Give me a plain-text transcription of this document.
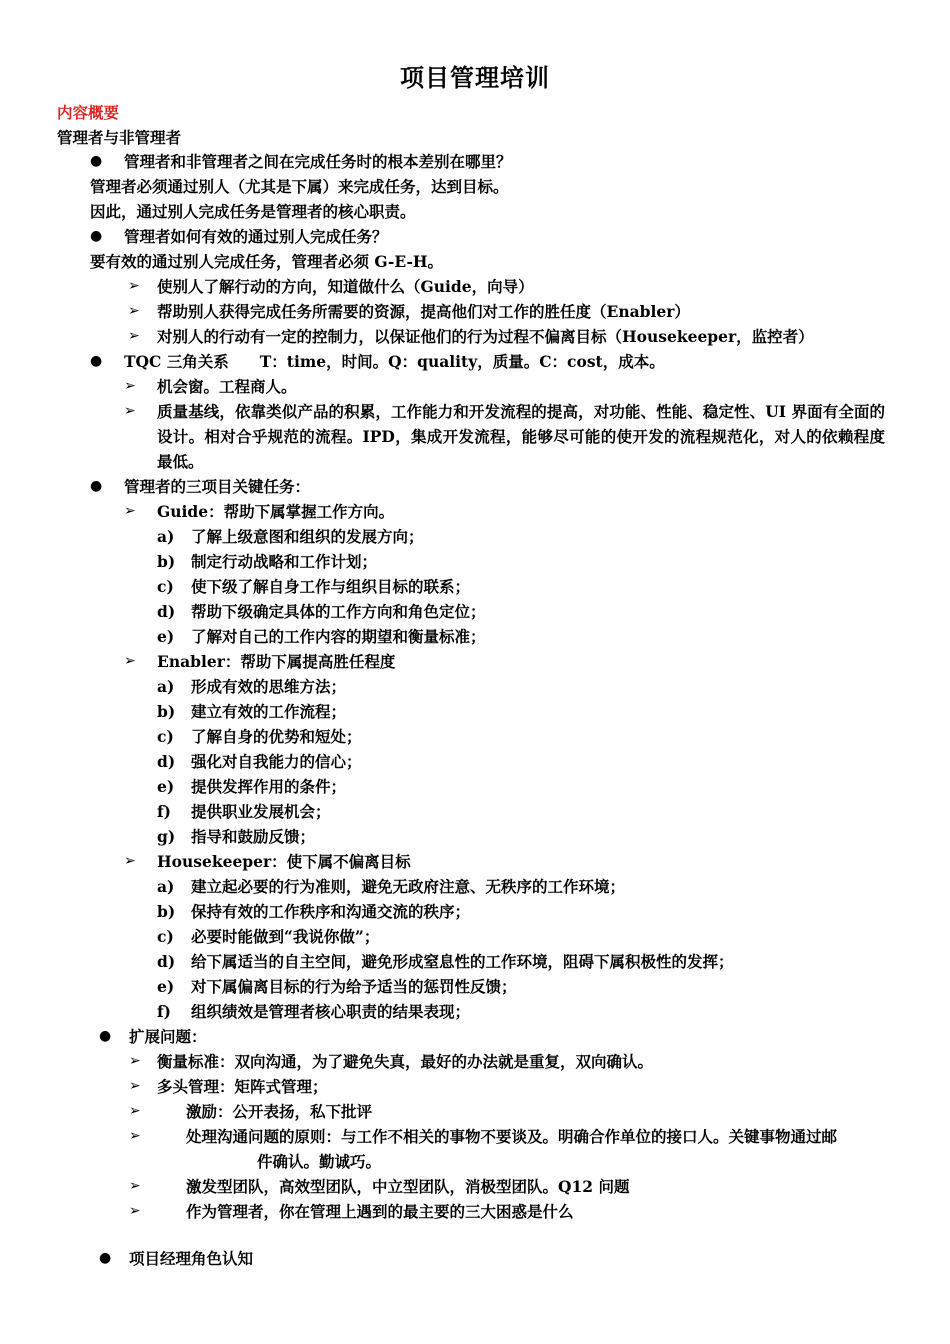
项目管理培训
内容概要
管理者与非管理者
● 管理者和非管理者之间在完成任务时的根本差别在哪里？
管理者必须通过别人（尤其是下属）来完成任务，达到目标。
因此，通过别人完成任务是管理者的核心职责。
● 管理者如何有效的通过别人完成任务？
要有效的通过别人完成任务，管理者必须 G-E-H。
➢ 使别人了解行动的方向，知道做什么（Guide，向导）
➢ 帮助别人获得完成任务所需要的资源，提高他们对工作的胜任度（Enabler）
➢ 对别人的行动有一定的控制力，以保证他们的行为过程不偏离目标（Housekeeper，监控者）
● TQC 三角关系　　T：time，时间。Q：quality，质量。C：cost，成本。
➢ 机会窗。工程商人。
➢ 质量基线，依靠类似产品的积累，工作能力和开发流程的提高，对功能、性能、稳定性、UI 界面有全面的设计。相对合乎规范的流程。IPD，集成开发流程，能够尽可能的使开发的流程规范化，对人的依赖程度最低。
● 管理者的三项目关键任务：
➢ Guide：帮助下属掌握工作方向。
a) 了解上级意图和组织的发展方向；
b) 制定行动战略和工作计划；
c) 使下级了解自身工作与组织目标的联系；
d) 帮助下级确定具体的工作方向和角色定位；
e) 了解对自己的工作内容的期望和衡量标准；
➢ Enabler：帮助下属提高胜任程度
a) 形成有效的思维方法；
b) 建立有效的工作流程；
c) 了解自身的优势和短处；
d) 强化对自我能力的信心；
e) 提供发挥作用的条件；
f) 提供职业发展机会；
g) 指导和鼓励反馈；
➢ Housekeeper：使下属不偏离目标
a) 建立起必要的行为准则，避免无政府注意、无秩序的工作环境；
b) 保持有效的工作秩序和沟通交流的秩序；
c) 必要时能做到“我说你做”；
d) 给下属适当的自主空间，避免形成窒息性的工作环境，阻碍下属积极性的发挥；
e) 对下属偏离目标的行为给予适当的惩罚性反馈；
f) 组织绩效是管理者核心职责的结果表现；
● 扩展问题：
➢ 衡量标准：双向沟通，为了避免失真，最好的办法就是重复，双向确认。
➢ 多头管理：矩阵式管理；
➢	激励：公开表扬，私下批评
➢	处理沟通问题的原则：与工作不相关的事物不要谈及。明确合作单位的接口人。关键事物通过邮
件确认。勤诚巧。
➢	激发型团队，高效型团队，中立型团队，消极型团队。Q12 问题
➢	作为管理者，你在管理上遇到的最主要的三大困惑是什么
● 项目经理角色认知
